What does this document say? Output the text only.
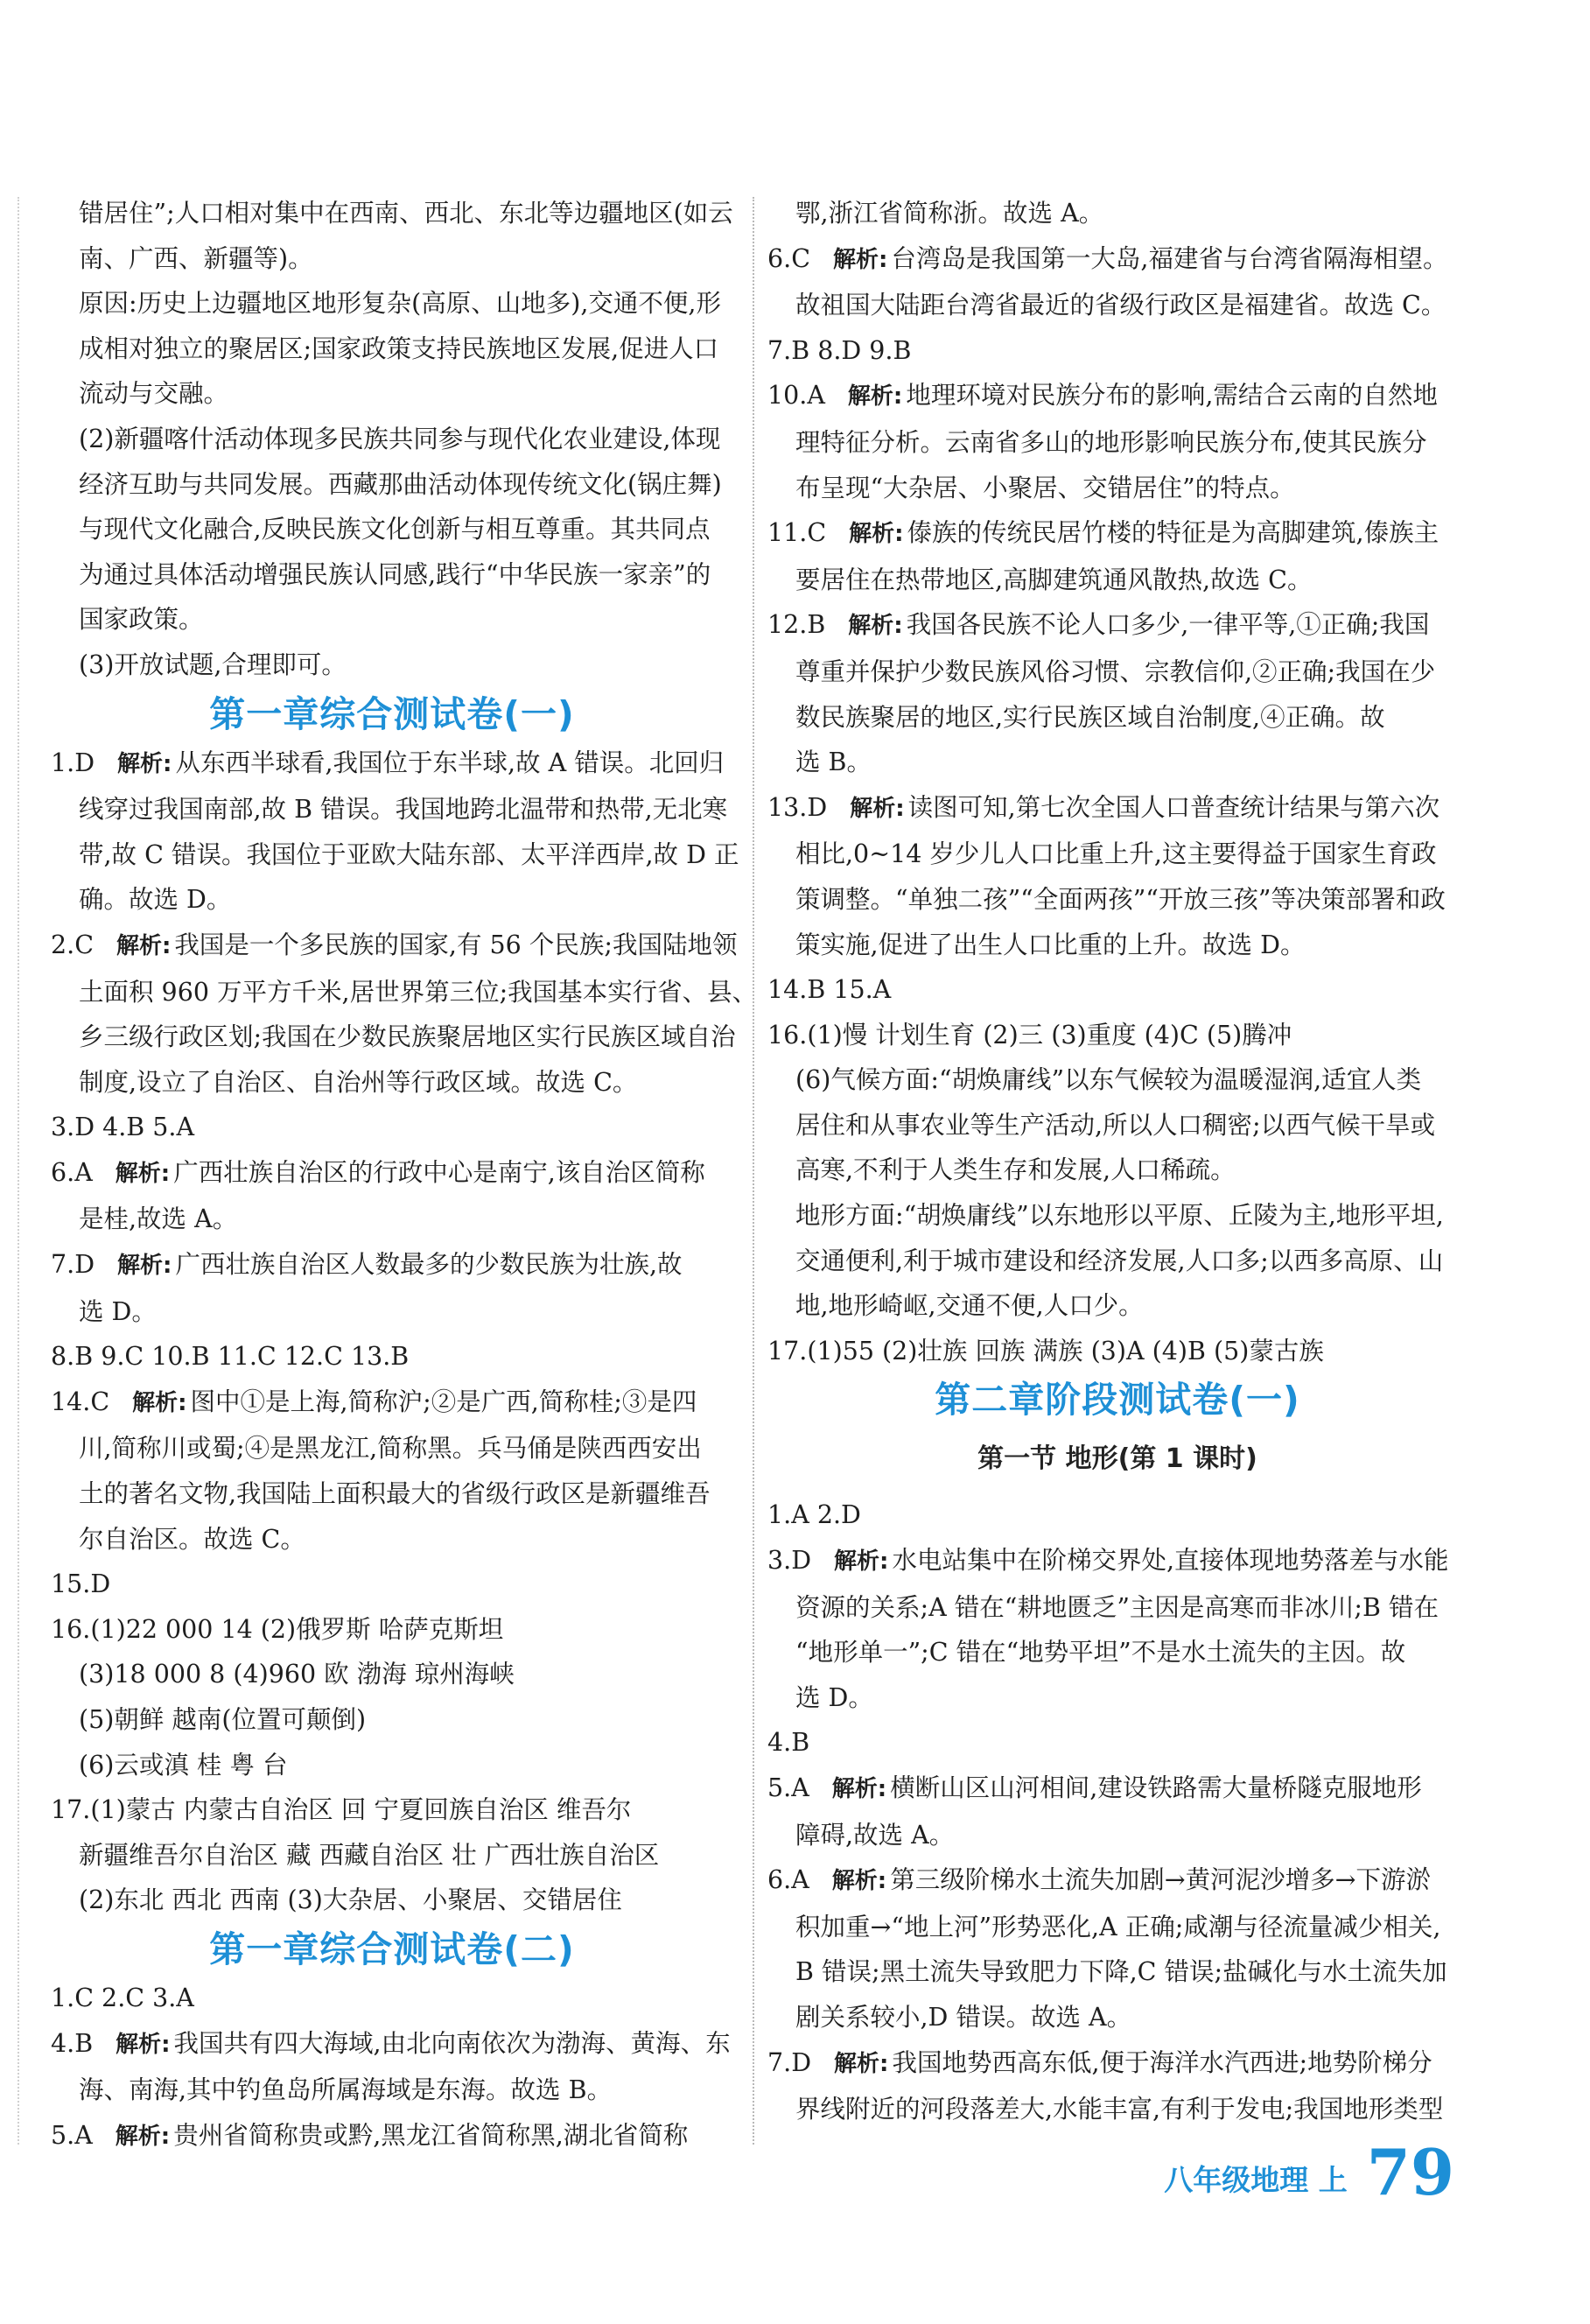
错居住”;人口相对集中在西南、西北、东北等边疆地区(如云

南、广西、新疆等)。

原因:历史上边疆地区地形复杂(高原、山地多),交通不便,形

成相对独立的聚居区;国家政策支持民族地区发展,促进人口

流动与交融。

(2)新疆喀什活动体现多民族共同参与现代化农业建设,体现

经济互助与共同发展。西藏那曲活动体现传统文化(锅庄舞)

与现代文化融合,反映民族文化创新与相互尊重。其共同点

为通过具体活动增强民族认同感,践行“中华民族一家亲”的

国家政策。

(3)开放试题,合理即可。

第一章综合测试卷(一)

1.D 解析: 从东西半球看,我国位于东半球,故 A 错误。北回归

线穿过我国南部,故 B 错误。我国地跨北温带和热带,无北寒

带,故 C 错误。我国位于亚欧大陆东部、太平洋西岸,故 D 正

确。故选 D。

2.C 解析: 我国是一个多民族的国家,有 56 个民族;我国陆地领

土面积 960 万平方千米,居世界第三位;我国基本实行省、县、

乡三级行政区划;我国在少数民族聚居地区实行民族区域自治

制度,设立了自治区、自治州等行政区域。故选 C。

3.D 4.B 5.A

6.A 解析: 广西壮族自治区的行政中心是南宁,该自治区简称

是桂,故选 A。

7.D 解析: 广西壮族自治区人数最多的少数民族为壮族,故

选 D。

8.B 9.C 10.B 11.C 12.C 13.B

14.C 解析: 图中①是上海,简称沪;②是广西,简称桂;③是四

川,简称川或蜀;④是黑龙江,简称黑。兵马俑是陕西西安出

土的著名文物,我国陆上面积最大的省级行政区是新疆维吾

尔自治区。故选 C。

15.D

16.(1)22 000 14 (2)俄罗斯 哈萨克斯坦

(3)18 000 8 (4)960 欧 渤海 琼州海峡

(5)朝鲜 越南(位置可颠倒)

(6)云或滇 桂 粤 台

17.(1)蒙古 内蒙古自治区 回 宁夏回族自治区 维吾尔

新疆维吾尔自治区 藏 西藏自治区 壮 广西壮族自治区

(2)东北 西北 西南 (3)大杂居、小聚居、交错居住

第一章综合测试卷(二)

1.C 2.C 3.A

4.B 解析: 我国共有四大海域,由北向南依次为渤海、黄海、东

海、南海,其中钓鱼岛所属海域是东海。故选 B。

5.A 解析: 贵州省简称贵或黔,黑龙江省简称黑,湖北省简称

鄂,浙江省简称浙。故选 A。

6.C 解析: 台湾岛是我国第一大岛,福建省与台湾省隔海相望。

故祖国大陆距台湾省最近的省级行政区是福建省。故选 C。

7.B 8.D 9.B

10.A 解析: 地理环境对民族分布的影响,需结合云南的自然地

理特征分析。云南省多山的地形影响民族分布,使其民族分

布呈现“大杂居、小聚居、交错居住”的特点。

11.C 解析: 傣族的传统民居竹楼的特征是为高脚建筑,傣族主

要居住在热带地区,高脚建筑通风散热,故选 C。

12.B 解析: 我国各民族不论人口多少,一律平等,①正确;我国

尊重并保护少数民族风俗习惯、宗教信仰,②正确;我国在少

数民族聚居的地区,实行民族区域自治制度,④正确。故

选 B。

13.D 解析: 读图可知,第七次全国人口普查统计结果与第六次

相比,0~14 岁少儿人口比重上升,这主要得益于国家生育政

策调整。“单独二孩”“全面两孩”“开放三孩”等决策部署和政

策实施,促进了出生人口比重的上升。故选 D。

14.B 15.A

16.(1)慢 计划生育 (2)三 (3)重度 (4)C (5)腾冲

(6)气候方面:“胡焕庸线”以东气候较为温暖湿润,适宜人类

居住和从事农业等生产活动,所以人口稠密;以西气候干旱或

高寒,不利于人类生存和发展,人口稀疏。

地形方面:“胡焕庸线”以东地形以平原、丘陵为主,地形平坦,

交通便利,利于城市建设和经济发展,人口多;以西多高原、山

地,地形崎岖,交通不便,人口少。

17.(1)55 (2)壮族 回族 满族 (3)A (4)B (5)蒙古族

第二章阶段测试卷(一)
第一节 地形(第 1 课时)

1.A 2.D

3.D 解析: 水电站集中在阶梯交界处,直接体现地势落差与水能

资源的关系;A 错在“耕地匮乏”主因是高寒而非冰川;B 错在

“地形单一”;C 错在“地势平坦”不是水土流失的主因。故

选 D。

4.B

5.A 解析: 横断山区山河相间,建设铁路需大量桥隧克服地形

障碍,故选 A。

6.A 解析: 第三级阶梯水土流失加剧→黄河泥沙增多→下游淤

积加重→“地上河”形势恶化,A 正确;咸潮与径流量减少相关,

B 错误;黑土流失导致肥力下降,C 错误;盐碱化与水土流失加

剧关系较小,D 错误。故选 A。

7.D 解析: 我国地势西高东低,便于海洋水汽西进;地势阶梯分

界线附近的河段落差大,水能丰富,有利于发电;我国地形类型

八年级地理 上 79
